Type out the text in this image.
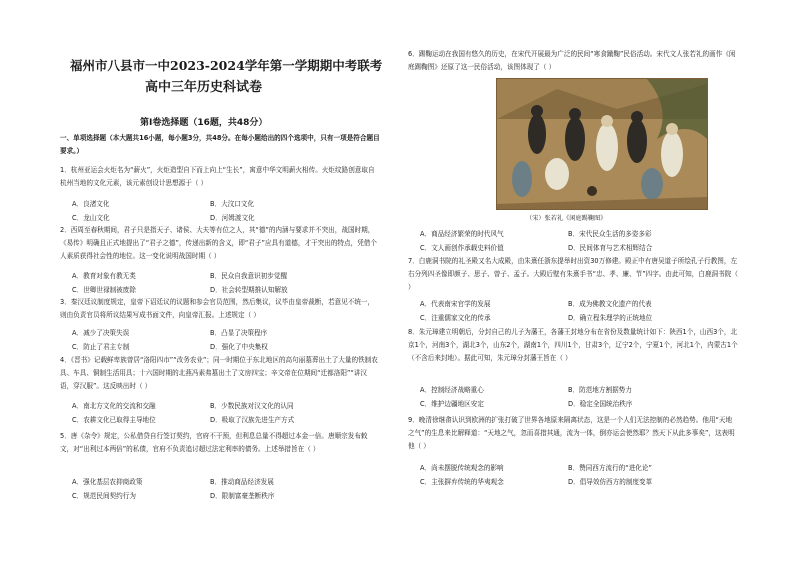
福州市八县市一中2023-2024学年第一学期期中考联考
高中三年历史科试卷
第Ⅰ卷选择题（16题，共48分）
一、单项选择题（本大题共16小题，每小题3分，共48分。在每小题给出的四个选项中，只有一项是符合题目要求。）
1．杭州亚运会火炬名为“薪火”，火炬造型自下而上向上“生长”，寓意中华文明薪火相传。火炬纹路创意取自杭州当地的文化元素，该元素创设计思想源于（ ）
A．良渚文化	B．大汶口文化
C．龙山文化	D．河姆渡文化
2．西周至春秋期间，君子只是指天子、诸侯、大夫等有位之人，其“德”的内涵与要求并不突出，战国时期，《易传》明确且正式地提出了“君子之德”，传递出新的含义，即“君子”应具有道德，才干突出的特点，凭借个人素质获得社会性的地位。这一变化说明战国时期（ ）
A．教育对象有教无类	B．民众自我意识初步觉醒
C．世卿世禄制被废除	D．社会转型期推认知解放
3．秦汉廷议制度规定，皇帝下诏廷议的议题和参会官员范围，然后集议，议毕由皇帝裁断，若意见不统一，则由负责官员将所议结果写成书面文件，向皇帝汇报。上述规定（ ）
A．减少了决策失误	B．凸显了决策程序
C．防止了君主专制	D．强化了中央集权
4．《晋书》记载鲜卑族曾居“洛阳四市”“改务农业”；同一时期位于东北地区的高句丽墓葬出土了大量的铁制农具、车具、铜制生活用具；十六国时期的北燕冯素弗墓出土了文房四宝；辛文帝在位期间“迁都洛阳”“讲汉语，穿汉服”。这反映出时（ ）
A．南北方文化的交流和交融	B．少数民族对汉文化的认同
C．农耕文化已取得主导地位	D．吸取了汉族先进生产方式
5．唐《杂令》规定，公私借贷自行签订契约，官府不干预，但利息总量不得超过本金一倍。唐顺宗发布敕文，对“出利过本两倍”的私债，官府不负责追讨超过法定利率的债务。上述举措旨在（ ）
A．强化基层农抑商政策	B．推动商品经济发展
C．规范民间契约行为	D．限制富豪垄断秩序
6．踢鞠运动在我国有悠久的历史，在宋代开展最为广泛的民间“寒食蹴鞠”民俗活动。宋代文人张若礼的画作《闲庭踢鞠图》还原了这一民俗活动，该图体现了（ ）
（宋）张若礼《闲庭踢鞠图》
A．商品经济繁荣的时代风气	B．宋代民众生活的多姿多彩
C．文人画创作承载史料价值	D．民间体育与艺术相辉结合
7．白鹿洞书院的礼圣殿又名大成殿，由朱熹任浙东提举时出资30万修建。殿正中有唐吴道子所绘孔子行教图，左右分列四圣像即颜子、思子、曾子、孟子。大殿后壁有朱熹手书“忠、孝、廉、节”四字。由此可知，白鹿洞书院（ ）
A．代表南宋官学的发展	B．成为佛教文化遗产的代表
C．注重儒家文化的传承	D．确立程朱理学的正统地位
8．朱元璋建立明朝后，分封自己的儿子为藩王，各藩王封地分布在省份及数量统计如下：陕西1个，山西3个，北京1个，河南3个，湖北3个，山东2个，湖南1个，四川1个，甘肃3个，辽宁2个，宁夏1个，河北1个，内蒙古1个（不含后来封地）。据此可知，朱元璋分封藩王旨在（ ）
A．控制经济战略重心	B．防范地方割据势力
C．维护边疆地区安定	D．稳定全国统治秩序
9．晚清徐继畬认识到欧洲的扩张打破了世界各地原来隔离状态，这是一个人们无法控制的必然趋势。他用“天地之气”的生息来比解释道：“天地之气，忽而喜措其通，流为一体，倒亦运会使然耶？然天下从此多事矣”，这表明他（ ）
A．尚未摆脱传统观念的影响	B．赞同西方流行的“进化论”
C．主张摒弃传统的华夷观念	D．倡导效仿西方的制度变革
